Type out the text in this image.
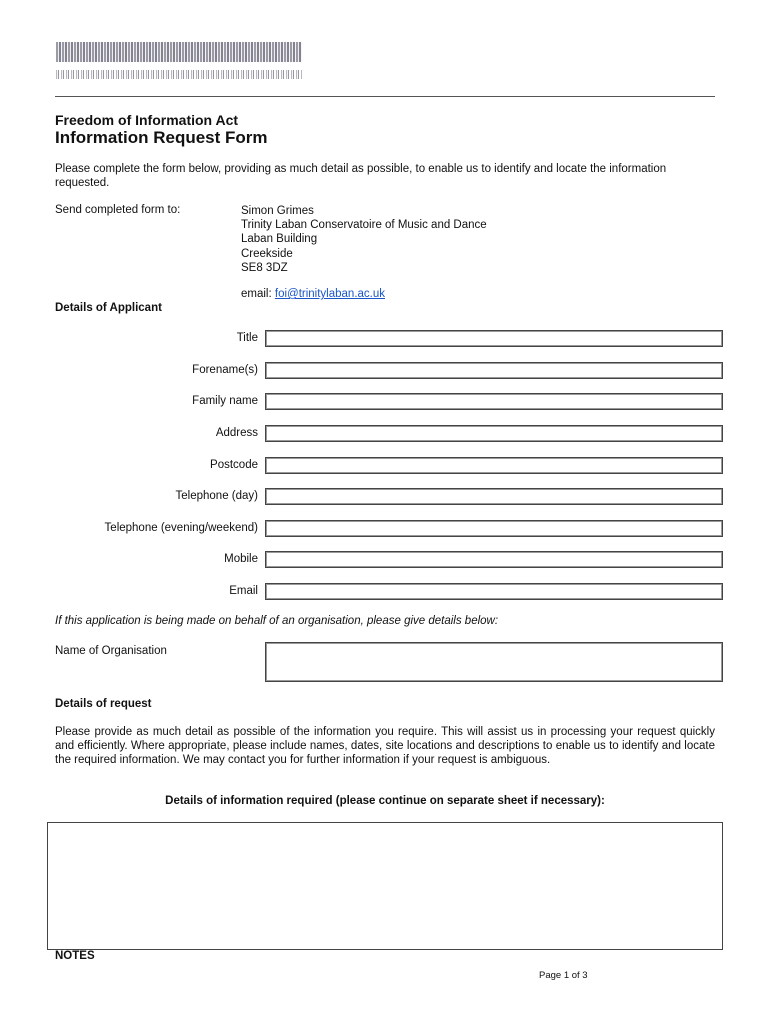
Freedom of Information Act
Information Request Form
Please complete the form below, providing as much detail as possible, to enable us to identify and locate the information requested.
Send completed form to:	Simon Grimes
Trinity Laban Conservatoire of Music and Dance
Laban Building
Creekside
SE8 3DZ
email: foi@trinitylaban.ac.uk
Details of Applicant
Title
Forename(s)
Family name
Address
Postcode
Telephone (day)
Telephone (evening/weekend)
Mobile
Email
If this application is being made on behalf of an organisation, please give details below:
Name of Organisation
Details of request
Please provide as much detail as possible of the information you require. This will assist us in processing your request quickly and efficiently. Where appropriate, please include names, dates, site locations and descriptions to enable us to identify and locate the required information. We may contact you for further information if your request is ambiguous.
Details of information required (please continue on separate sheet if necessary):
NOTES
Page 1 of 3
